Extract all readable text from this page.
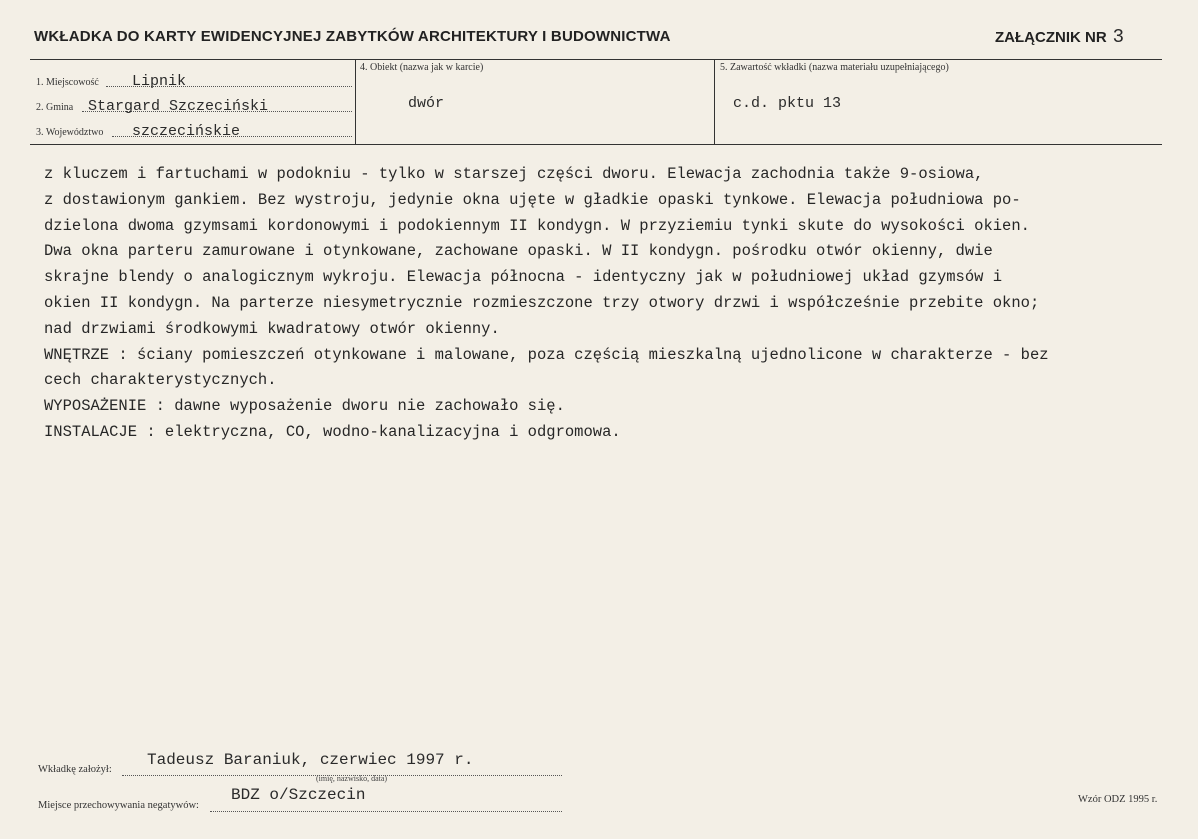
WKŁADKA DO KARTY EWIDENCYJNEJ ZABYTKÓW ARCHITEKTURY I BUDOWNICTWA	ZAŁĄCZNIK NR 3
1. Miejscowość Lipnik
2. Gmina Stargard Szczeciński
3. Województwo szczecińskie
4. Obiekt (nazwa jak w karcie)
dwór
5. Zawartość wkładki (nazwa materiału uzupełniającego)
c.d. pktu 13

z kluczem i fartuchami w podokniu - tylko w starszej części dworu. Elewacja zachodnia także 9-osiowa,

z dostawionym gankiem. Bez wystroju, jedynie okna ujęte w gładkie opaski tynkowe. Elewacja południowa po-

dzielona dwoma gzymsami kordonowymi i podokiennym II kondygn. W przyziemiu tynki skute do wysokości okien.

Dwa okna parteru zamurowane i otynkowane, zachowane opaski. W II kondygn. pośrodku otwór okienny, dwie

skrajne blendy o analogicznym wykroju. Elewacja północna - identyczny jak w południowej układ gzymsów i

okien II kondygn. Na parterze niesymetrycznie rozmieszczone trzy otwory drzwi i współcześnie przebite okno;

nad drzwiami środkowymi kwadratowy otwór okienny.

WNĘTRZE : ściany pomieszczeń otynkowane i malowane, poza częścią mieszkalną ujednolicone w charakterze - bez

cech charakterystycznych.

WYPOSAŻENIE : dawne wyposażenie dworu nie zachowało się.

INSTALACJE : elektryczna, CO, wodno-kanalizacyjna i odgromowa.

Wkładkę założył:
Tadeusz Baraniuk, czerwiec 1997 r.
(imię, nazwisko, data)
Miejsce przechowywania negatywów:
BDZ o/Szczecin	Wzór ODZ 1995 r.
